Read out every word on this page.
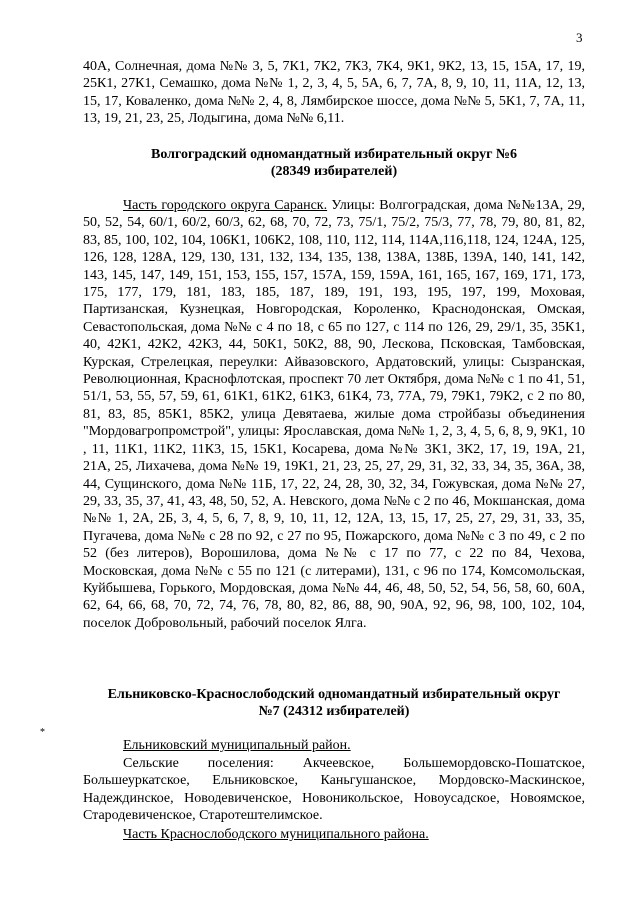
3

40А, Солнечная, дома №№ 3, 5, 7К1, 7К2, 7К3, 7К4, 9К1, 9К2, 13, 15, 15А, 17, 19, 25К1, 27К1, Семашко, дома №№ 1, 2, 3, 4, 5, 5А, 6, 7, 7А, 8, 9, 10, 11, 11А, 12, 13, 15, 17, Коваленко, дома №№ 2, 4, 8, Лямбирское шоссе, дома №№ 5, 5К1, 7, 7А, 11, 13, 19, 21, 23, 25, Лодыгина, дома №№ 6,11.

Волгоградский одномандатный избирательный округ №6
(28349 избирателей)

Часть городского округа Саранск. Улицы: Волгоградская, дома №№13А, 29, 50, 52, 54, 60/1, 60/2, 60/3, 62, 68, 70, 72, 73, 75/1, 75/2, 75/3, 77, 78, 79, 80, 81, 82, 83, 85, 100, 102, 104, 106К1, 106К2, 108, 110, 112, 114, 114А,116,118, 124, 124А, 125, 126, 128, 128А, 129, 130, 131, 132, 134, 135, 138, 138А, 138Б, 139А, 140, 141, 142, 143, 145, 147, 149, 151, 153, 155, 157, 157А, 159, 159А, 161, 165, 167, 169, 171, 173, 175, 177, 179, 181, 183, 185, 187, 189, 191, 193, 195, 197, 199, Моховая, Партизанская, Кузнецкая, Новгородская, Короленко, Краснодонская, Омская, Севастопольская, дома №№ с 4 по 18, с 65 по 127, с 114 по 126, 29, 29/1, 35, 35К1, 40, 42К1, 42К2, 42К3, 44, 50К1, 50К2, 88, 90, Лескова, Псковская, Тамбовская, Курская, Стрелецкая, переулки: Айвазовского, Ардатовский, улицы: Сызранская, Революционная, Краснофлотская, проспект 70 лет Октября, дома №№ с 1 по 41, 51, 51/1, 53, 55, 57, 59, 61, 61К1, 61К2, 61К3, 61К4, 73, 77А, 79, 79К1, 79К2, с 2 по 80, 81, 83, 85, 85К1, 85К2, улица Девятаева, жилые дома стройбазы объединения "Мордовагропромстрой", улицы: Ярославская, дома №№ 1, 2, 3, 4, 5, 6, 8, 9, 9К1, 10 , 11, 11К1, 11К2, 11К3, 15, 15К1, Косарева, дома №№ 3К1, 3К2, 17, 19, 19А, 21, 21А, 25, Лихачева, дома №№ 19, 19К1, 21, 23, 25, 27, 29, 31, 32, 33, 34, 35, 36А, 38, 44, Сущинского, дома №№ 11Б, 17, 22, 24, 28, 30, 32, 34, Гожувская, дома №№ 27, 29, 33, 35, 37, 41, 43, 48, 50, 52, А. Невского, дома №№ с 2 по 46, Мокшанская, дома №№ 1, 2А, 2Б, 3, 4, 5, 6, 7, 8, 9, 10, 11, 12, 12А, 13, 15, 17, 25, 27, 29, 31, 33, 35, Пугачева, дома №№ с 28 по 92, с 27 по 95, Пожарского, дома №№ с 3 по 49, с 2 по 52 (без литеров), Ворошилова, дома №№ с 17 по 77, с 22 по 84, Чехова, Московская, дома №№ с 55 по 121 (с литерами), 131, с 96 по 174, Комсомольская, Куйбышева, Горького, Мордовская, дома №№ 44, 46, 48, 50, 52, 54, 56, 58, 60, 60А, 62, 64, 66, 68, 70, 72, 74, 76, 78, 80, 82, 86, 88, 90, 90А, 92, 96, 98, 100, 102, 104, поселок Добровольный, рабочий поселок Ялга.

Ельниковско-Краснослободский одномандатный избирательный округ
№7 (24312 избирателей)

Ельниковский муниципальный район.

Сельские поселения: Акчеевское, Большемордовско-Пошатское, Большеуркатское, Ельниковское, Каньгушанское, Мордовско-Маскинское, Надеждинское, Новодевиченское, Новоникольское, Новоусадское, Новоямское, Стародевиченское, Старотештелимское.

Часть Краснослободского муниципального района.

*
